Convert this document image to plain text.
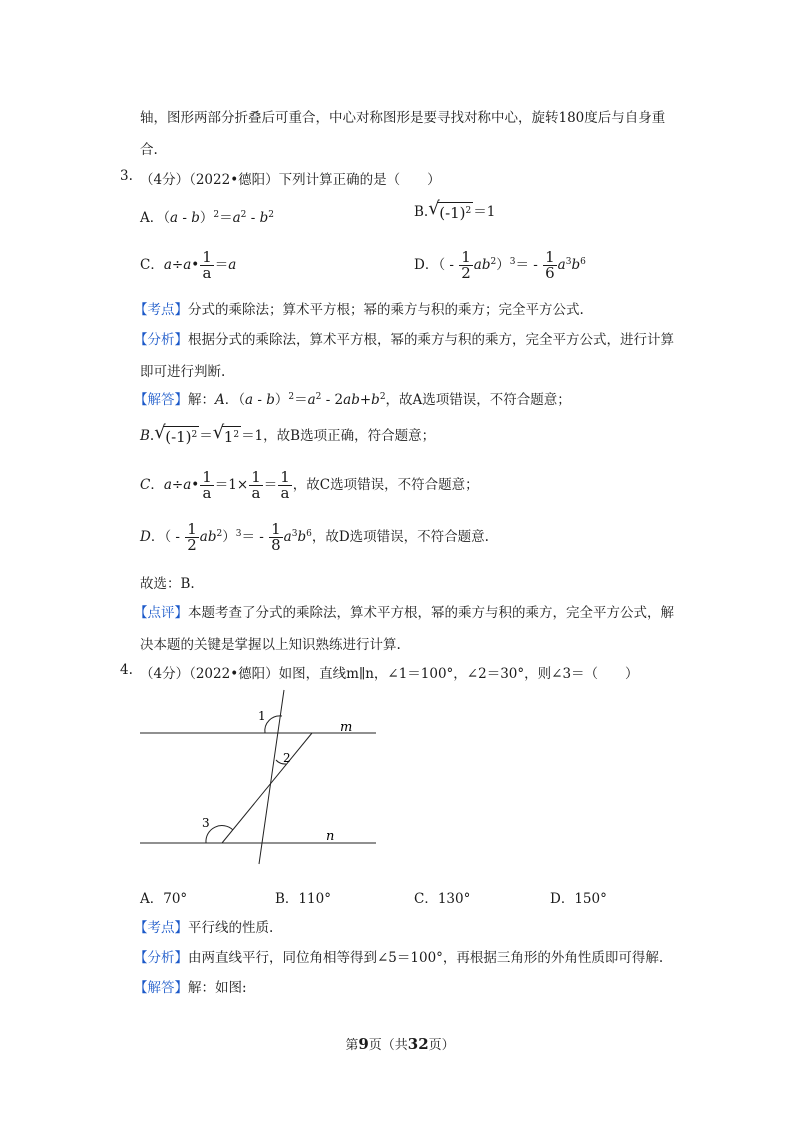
轴，图形两部分折叠后可重合，中心对称图形是要寻找对称中心，旋转180度后与自身重
合.
3. （4分）（2022•德阳）下列计算正确的是（　　）
A．$(a - b)^2=a^2 - b^2$	B. √ $(-1)^2 =1$
C．a÷a• $\frac{1}{a} =a$	D．（ - $\frac{1}{2} ab^2)^3= - \frac{1}{6} a^3b^6$
【考点】分式的乘除法；算术平方根；幂的乘方与积的乘方；完全平方公式.
【分析】根据分式的乘除法，算术平方根，幂的乘方与积的乘方，完全平方公式，进行计算
即可进行判断.
【解答】解：A．$(a - b)^2=a^2 - 2ab+b^2$，故A选项错误，不符合题意；
B. √ $(-1)^2$ ＝ √ $1^2 =1$，故B选项正确，符合题意；
C．a÷a• $\frac{1}{a} =1\times \frac{1}{a} = \frac{1}{a}$ ，故C选项错误，不符合题意；
D．（ - $\frac{1}{2} ab^2)^3= - \frac{1}{8} a^3b^6$，故D选项错误，不符合题意.
故选：B.
【点评】本题考查了分式的乘除法，算术平方根，幂的乘方与积的乘方，完全平方公式，解
决本题的关键是掌握以上知识熟练进行计算.
4. （4分）（2022•德阳）如图，直线m∥n，∠1＝100°，∠2＝30°，则∠3＝（　　）
1
2
3
m
n
A．70°	B．110°	C．130°	D．150°
【考点】平行线的性质.
【分析】由两直线平行，同位角相等得到∠5＝100°，再根据三角形的外角性质即可得解.
【解答】解：如图:
第9页（共32页）
